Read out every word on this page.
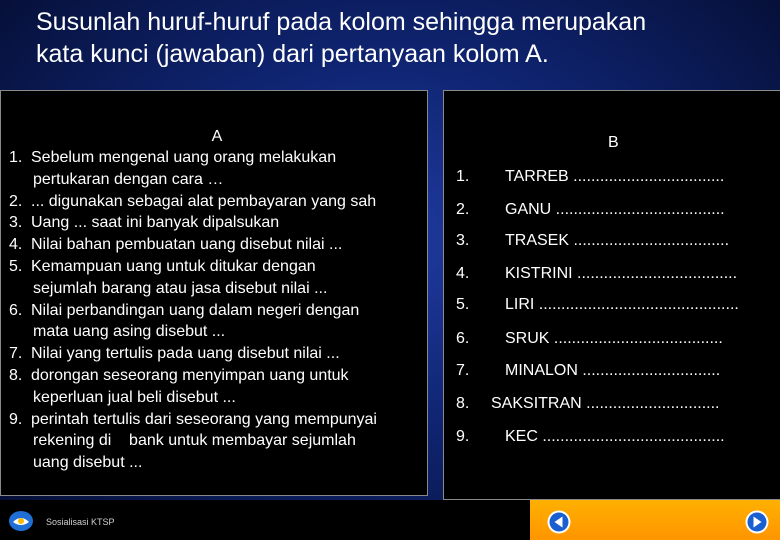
Susunlah huruf-huruf pada kolom sehingga merupakan
kata kunci (jawaban) dari pertanyaan kolom A.
A
1. Sebelum mengenal uang orang melakukan
pertukaran dengan cara …
2. ... digunakan sebagai alat pembayaran yang sah
3. Uang ... saat ini banyak dipalsukan
4. Nilai bahan pembuatan uang disebut nilai ...
5. Kemampuan uang untuk ditukar dengan
sejumlah barang atau jasa disebut nilai ...
6. Nilai perbandingan uang dalam negeri dengan
mata uang asing disebut ...
7. Nilai yang tertulis pada uang disebut nilai ...
8. dorongan seseorang menyimpan uang untuk
keperluan jual beli disebut ...
9. perintah tertulis dari seseorang yang mempunyai
rekening di    bank untuk membayar sejumlah
uang disebut ...
B
1. TARREB ..................................
2. GANU ......................................
3. TRASEK ...................................
4. KISTRINI ....................................
5. LIRI .............................................
6. SRUK ......................................
7. MINALON ...............................
8. SAKSITRAN ..............................
9. KEC .........................................
Sosialisasi KTSP
